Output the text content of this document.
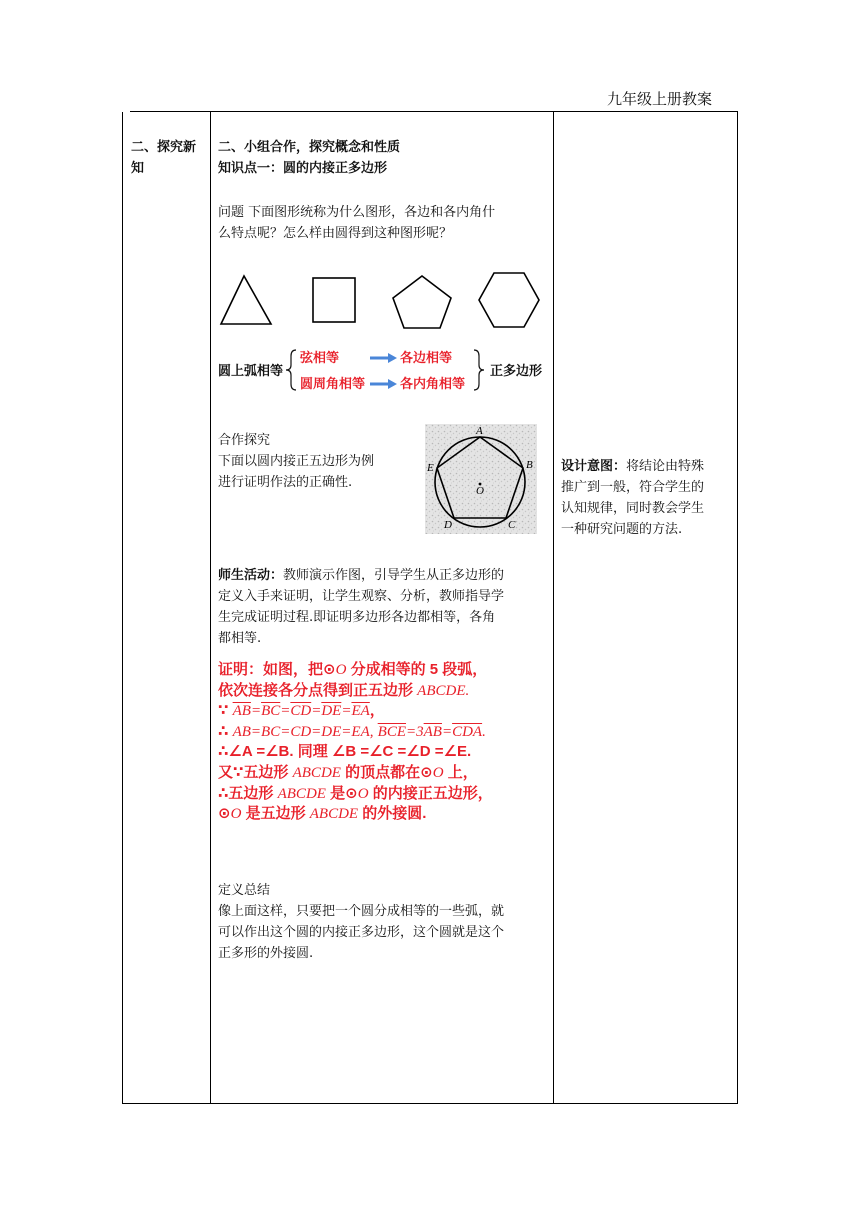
九年级上册教案
二、探究新
知
二、小组合作，探究概念和性质
知识点一：圆的内接正多边形
问题 下面图形统称为什么图形，各边和各内角什
么特点呢？怎么样由圆得到这种图形呢？
圆上弧相等
弦相等
圆周角相等
各边相等
各内角相等
正多边形
合作探究
下面以圆内接正五边形为例
进行证明作法的正确性.
A
B
C
D
E
O
师生活动：教师演示作图，引导学生从正多边形的
定义入手来证明，让学生观察、分析，教师指导学
生完成证明过程.即证明多边形各边都相等，各角
都相等.
证明：如图，把⊙O 分成相等的 5 段弧，
依次连接各分点得到正五边形 ABCDE.
∵ $\overline{AB}=\overline{BC}=\overline{CD}=\overline{DE}=\overline{EA}$，
∴ AB=BC=CD=DE=EA, $\overline{BCE}=3\overline{AB}=\overline{CDA}$.
∴∠A =∠B. 同理 ∠B =∠C =∠D =∠E.
又∵五边形 ABCDE 的顶点都在⊙O 上，
∴五边形 ABCDE 是⊙O 的内接正五边形，
⊙O 是五边形 ABCDE 的外接圆.
定义总结
像上面这样，只要把一个圆分成相等的一些弧，就
可以作出这个圆的内接正多边形，这个圆就是这个
正多形的外接圆.
设计意图：将结论由特殊
推广到一般，符合学生的
认知规律，同时教会学生
一种研究问题的方法.
